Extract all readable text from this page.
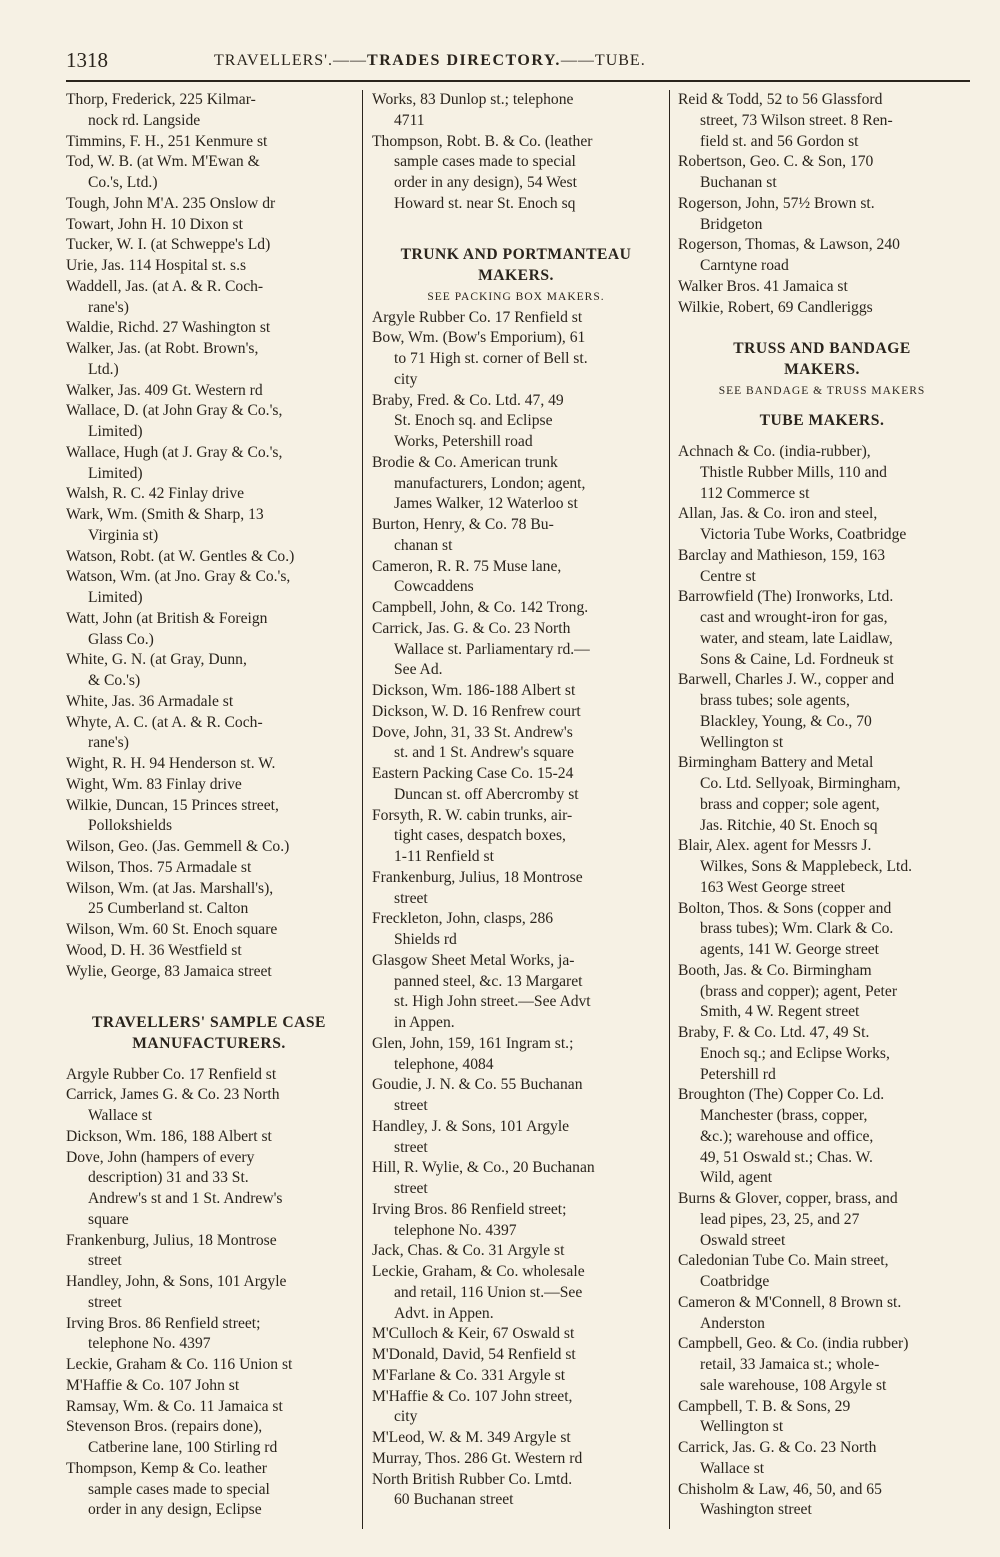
1318	TRAVELLERS'.——TRADES DIRECTORY.——TUBE.
Thorp, Frederick, 225 Kilmar-
nock rd. Langside
Timmins, F. H., 251 Kenmure st
Tod, W. B. (at Wm. M'Ewan &
Co.'s, Ltd.)
Tough, John M'A. 235 Onslow dr
Towart, John H. 10 Dixon st
Tucker, W. I. (at Schweppe's Ld)
Urie, Jas. 114 Hospital st. s.s
Waddell, Jas. (at A. & R. Coch-
rane's)
Waldie, Richd. 27 Washington st
Walker, Jas. (at Robt. Brown's,
Ltd.)
Walker, Jas. 409 Gt. Western rd
Wallace, D. (at John Gray & Co.'s,
Limited)
Wallace, Hugh (at J. Gray & Co.'s,
Limited)
Walsh, R. C. 42 Finlay drive
Wark, Wm. (Smith & Sharp, 13
Virginia st)
Watson, Robt. (at W. Gentles & Co.)
Watson, Wm. (at Jno. Gray & Co.'s,
Limited)
Watt, John (at British & Foreign
Glass Co.)
White, G. N. (at Gray, Dunn,
& Co.'s)
White, Jas. 36 Armadale st
Whyte, A. C. (at A. & R. Coch-
rane's)
Wight, R. H. 94 Henderson st. W.
Wight, Wm. 83 Finlay drive
Wilkie, Duncan, 15 Princes street,
Pollokshields
Wilson, Geo. (Jas. Gemmell & Co.)
Wilson, Thos. 75 Armadale st
Wilson, Wm. (at Jas. Marshall's),
25 Cumberland st. Calton
Wilson, Wm. 60 St. Enoch square
Wood, D. H. 36 Westfield st
Wylie, George, 83 Jamaica street
TRAVELLERS' SAMPLE CASE
MANUFACTURERS.
Argyle Rubber Co. 17 Renfield st
Carrick, James G. & Co. 23 North
Wallace st
Dickson, Wm. 186, 188 Albert st
Dove, John (hampers of every
description) 31 and 33 St.
Andrew's st and 1 St. Andrew's
square
Frankenburg, Julius, 18 Montrose
street
Handley, John, & Sons, 101 Argyle
street
Irving Bros. 86 Renfield street;
telephone No. 4397
Leckie, Graham & Co. 116 Union st
M'Haffie & Co. 107 John st
Ramsay, Wm. & Co. 11 Jamaica st
Stevenson Bros. (repairs done),
Catberine lane, 100 Stirling rd
Thompson, Kemp & Co. leather
sample cases made to special
order in any design, Eclipse
Works, 83 Dunlop st.; telephone
4711
Thompson, Robt. B. & Co. (leather
sample cases made to special
order in any design), 54 West
Howard st. near St. Enoch sq
TRUNK AND PORTMANTEAU
MAKERS.
SEE PACKING BOX MAKERS.
Argyle Rubber Co. 17 Renfield st
Bow, Wm. (Bow's Emporium), 61
to 71 High st. corner of Bell st.
city
Braby, Fred. & Co. Ltd. 47, 49
St. Enoch sq. and Eclipse
Works, Petershill road
Brodie & Co. American trunk
manufacturers, London; agent,
James Walker, 12 Waterloo st
Burton, Henry, & Co. 78 Bu-
chanan st
Cameron, R. R. 75 Muse lane,
Cowcaddens
Campbell, John, & Co. 142 Trong.
Carrick, Jas. G. & Co. 23 North
Wallace st. Parliamentary rd.—
See Ad.
Dickson, Wm. 186-188 Albert st
Dickson, W. D. 16 Renfrew court
Dove, John, 31, 33 St. Andrew's
st. and 1 St. Andrew's square
Eastern Packing Case Co. 15-24
Duncan st. off Abercromby st
Forsyth, R. W. cabin trunks, air-
tight cases, despatch boxes,
1-11 Renfield st
Frankenburg, Julius, 18 Montrose
street
Freckleton, John, clasps, 286
Shields rd
Glasgow Sheet Metal Works, ja-
panned steel, &c. 13 Margaret
st. High John street.—See Advt
in Appen.
Glen, John, 159, 161 Ingram st.;
telephone, 4084
Goudie, J. N. & Co. 55 Buchanan
street
Handley, J. & Sons, 101 Argyle
street
Hill, R. Wylie, & Co., 20 Buchanan
street
Irving Bros. 86 Renfield street;
telephone No. 4397
Jack, Chas. & Co. 31 Argyle st
Leckie, Graham, & Co. wholesale
and retail, 116 Union st.—See
Advt. in Appen.
M'Culloch & Keir, 67 Oswald st
M'Donald, David, 54 Renfield st
M'Farlane & Co. 331 Argyle st
M'Haffie & Co. 107 John street,
city
M'Leod, W. & M. 349 Argyle st
Murray, Thos. 286 Gt. Western rd
North British Rubber Co. Lmtd.
60 Buchanan street
Reid & Todd, 52 to 56 Glassford
street, 73 Wilson street. 8 Ren-
field st. and 56 Gordon st
Robertson, Geo. C. & Son, 170
Buchanan st
Rogerson, John, 57½ Brown st.
Bridgeton
Rogerson, Thomas, & Lawson, 240
Carntyne road
Walker Bros. 41 Jamaica st
Wilkie, Robert, 69 Candleriggs
TRUSS AND BANDAGE
MAKERS.
SEE BANDAGE & TRUSS MAKERS
TUBE MAKERS.
Achnach & Co. (india-rubber),
Thistle Rubber Mills, 110 and
112 Commerce st
Allan, Jas. & Co. iron and steel,
Victoria Tube Works, Coatbridge
Barclay and Mathieson, 159, 163
Centre st
Barrowfield (The) Ironworks, Ltd.
cast and wrought-iron for gas,
water, and steam, late Laidlaw,
Sons & Caine, Ld. Fordneuk st
Barwell, Charles J. W., copper and
brass tubes; sole agents,
Blackley, Young, & Co., 70
Wellington st
Birmingham Battery and Metal
Co. Ltd. Sellyoak, Birmingham,
brass and copper; sole agent,
Jas. Ritchie, 40 St. Enoch sq
Blair, Alex. agent for Messrs J.
Wilkes, Sons & Mapplebeck, Ltd.
163 West George street
Bolton, Thos. & Sons (copper and
brass tubes); Wm. Clark & Co.
agents, 141 W. George street
Booth, Jas. & Co. Birmingham
(brass and copper); agent, Peter
Smith, 4 W. Regent street
Braby, F. & Co. Ltd. 47, 49 St.
Enoch sq.; and Eclipse Works,
Petershill rd
Broughton (The) Copper Co. Ld.
Manchester (brass, copper,
&c.); warehouse and office,
49, 51 Oswald st.; Chas. W.
Wild, agent
Burns & Glover, copper, brass, and
lead pipes, 23, 25, and 27
Oswald street
Caledonian Tube Co. Main street,
Coatbridge
Cameron & M'Connell, 8 Brown st.
Anderston
Campbell, Geo. & Co. (india rubber)
retail, 33 Jamaica st.; whole-
sale warehouse, 108 Argyle st
Campbell, T. B. & Sons, 29
Wellington st
Carrick, Jas. G. & Co. 23 North
Wallace st
Chisholm & Law, 46, 50, and 65
Washington street
